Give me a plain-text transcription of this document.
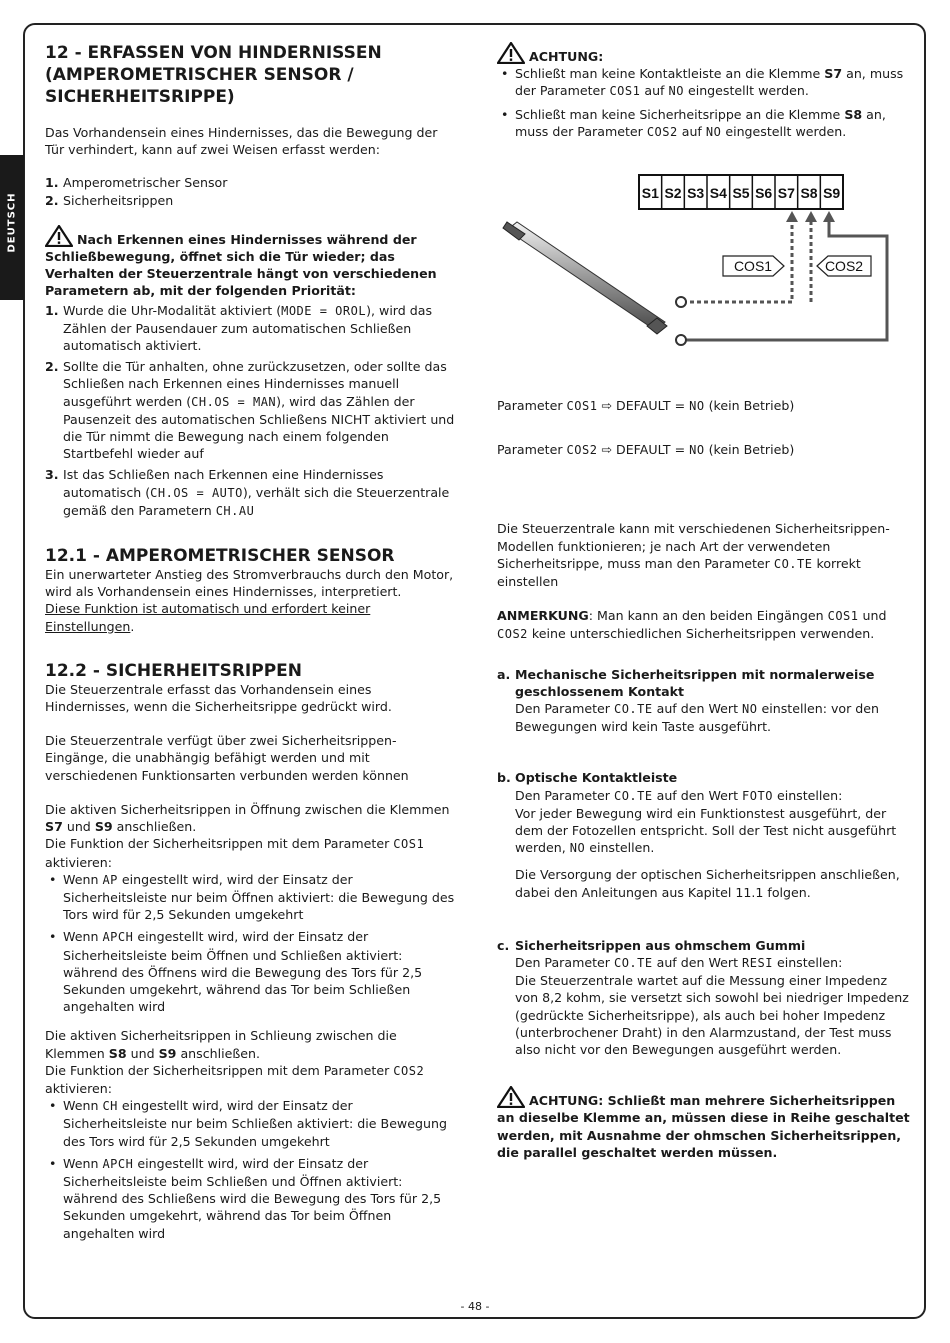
DEUTSCH
12 - ERFASSEN VON HINDERNISSEN (AMPEROMETRISCHER SENSOR / SICHERHEITSRIPPE)

Das Vorhandensein eines Hindernisses, das die Bewegung der Tür verhindert, kann auf zwei Weisen erfasst werden:

1. Amperometrischer Sensor
2. Sicherheitsrippen

Nach Erkennen eines Hindernisses während der Schließbewegung, öffnet sich die Tür wieder; das Verhalten der Steuerzentrale hängt von verschiedenen Parametern ab, mit der folgenden Priorität:

1. Wurde die Uhr-Modalität aktiviert (MODE = OROL), wird das Zählen der Pausendauer zum automatischen Schließen automatisch aktiviert.
2. Sollte die Tür anhalten, ohne zurückzusetzen, oder sollte das Schließen nach Erkennen eines Hindernisses manuell ausgeführt werden (CH.OS = MAN), wird das Zählen der Pausenzeit des automatischen Schließens NICHT aktiviert und die Tür nimmt die Bewegung nach einem folgenden Startbefehl wieder auf
3. Ist das Schließen nach Erkennen eine Hindernisses automatisch (CH.OS = AUTO), verhält sich die Steuerzentrale gemäß den Parametern CH.AU
12.1 - AMPEROMETRISCHER SENSOR

Ein unerwarteter Anstieg des Stromverbrauchs durch den Motor, wird als Vorhandensein eines Hindernisses, interpretiert.
Diese Funktion ist automatisch und erfordert keiner Einstellungen.

12.2 - SICHERHEITSRIPPEN

Die Steuerzentrale erfasst das Vorhandensein eines Hindernisses, wenn die Sicherheitsrippe gedrückt wird.

Die Steuerzentrale verfügt über zwei Sicherheitsrippen-Eingänge, die unabhängig befähigt werden und mit verschiedenen Funktionsarten verbunden werden können

Die aktiven Sicherheitsrippen in Öffnung zwischen die Klemmen S7 und S9 anschließen.
Die Funktion der Sicherheitsrippen mit dem Parameter COS1
aktivieren:

• Wenn AP eingestellt wird, wird der Einsatz der Sicherheitsleiste nur beim Öffnen aktiviert: die Bewegung des Tors wird für 2,5 Sekunden umgekehrt
• Wenn APCH eingestellt wird, wird der Einsatz der Sicherheitsleiste beim Öffnen und Schließen aktiviert: während des Öffnens wird die Bewegung des Tors für 2,5 Sekunden umgekehrt, während das Tor beim Schließen angehalten wird

Die aktiven Sicherheitsrippen in Schlieung zwischen die Klemmen S8 und S9 anschließen.
Die Funktion der Sicherheitsrippen mit dem Parameter COS2
aktivieren:

• Wenn CH eingestellt wird, wird der Einsatz der Sicherheitsleiste nur beim Schließen aktiviert: die Bewegung des Tors wird für 2,5 Sekunden umgekehrt
• Wenn APCH eingestellt wird, wird der Einsatz der Sicherheitsleiste beim Schließen und Öffnen aktiviert: während des Schließens wird die Bewegung des Tors für 2,5 Sekunden umgekehrt, während das Tor beim Öffnen angehalten wird

ACHTUNG:

• Schließt man keine Kontaktleiste an die Klemme S7 an, muss der Parameter COS1 auf NO eingestellt werden.
• Schließt man keine Sicherheitsrippe an die Klemme S8 an, muss der Parameter COS2 auf NO eingestellt werden.
S1 S2 S3 S4 S5 S6 S7 S8 S9
COS1	COS2

Parameter COS1 ⇨ DEFAULT = NO (kein Betrieb)

Parameter COS2 ⇨ DEFAULT = NO (kein Betrieb)

Die Steuerzentrale kann mit verschiedenen Sicherheitsrippen-Modellen funktionieren; je nach Art der verwendeten Sicherheitsrippe, muss man den Parameter CO.TE korrekt einstellen

ANMERKUNG: Man kann an den beiden Eingängen COS1 und COS2 keine unterschiedlichen Sicherheitsrippen verwenden.

a. Mechanische Sicherheitsrippen mit normalerweise geschlossenem Kontakt
Den Parameter CO.TE auf den Wert NO einstellen: vor den Bewegungen wird kein Taste ausgeführt.
b. Optische Kontaktleiste
Den Parameter CO.TE auf den Wert FOTO einstellen:
Vor jeder Bewegung wird ein Funktionstest ausgeführt, der dem der Fotozellen entspricht. Soll der Test nicht ausgeführt werden, NO einstellen.

Die Versorgung der optischen Sicherheitsrippen anschließen, dabei den Anleitungen aus Kapitel 11.1 folgen.

c. Sicherheitsrippen aus ohmschem Gummi
Den Parameter CO.TE auf den Wert RESI einstellen:
Die Steuerzentrale wartet auf die Messung einer Impedenz von 8,2 kohm, sie versetzt sich sowohl bei niedriger Impedenz (gedrückte Sicherheitsrippe), als auch bei hoher Impedenz (unterbrochener Draht) in den Alarmzustand, der Test muss also nicht vor den Bewegungen ausgeführt werden.

ACHTUNG: Schließt man mehrere Sicherheitsrippen an dieselbe Klemme an, müssen diese in Reihe geschaltet werden, mit Ausnahme der ohmschen Sicherheitsrippen, die parallel geschaltet werden müssen.

- 48 -
